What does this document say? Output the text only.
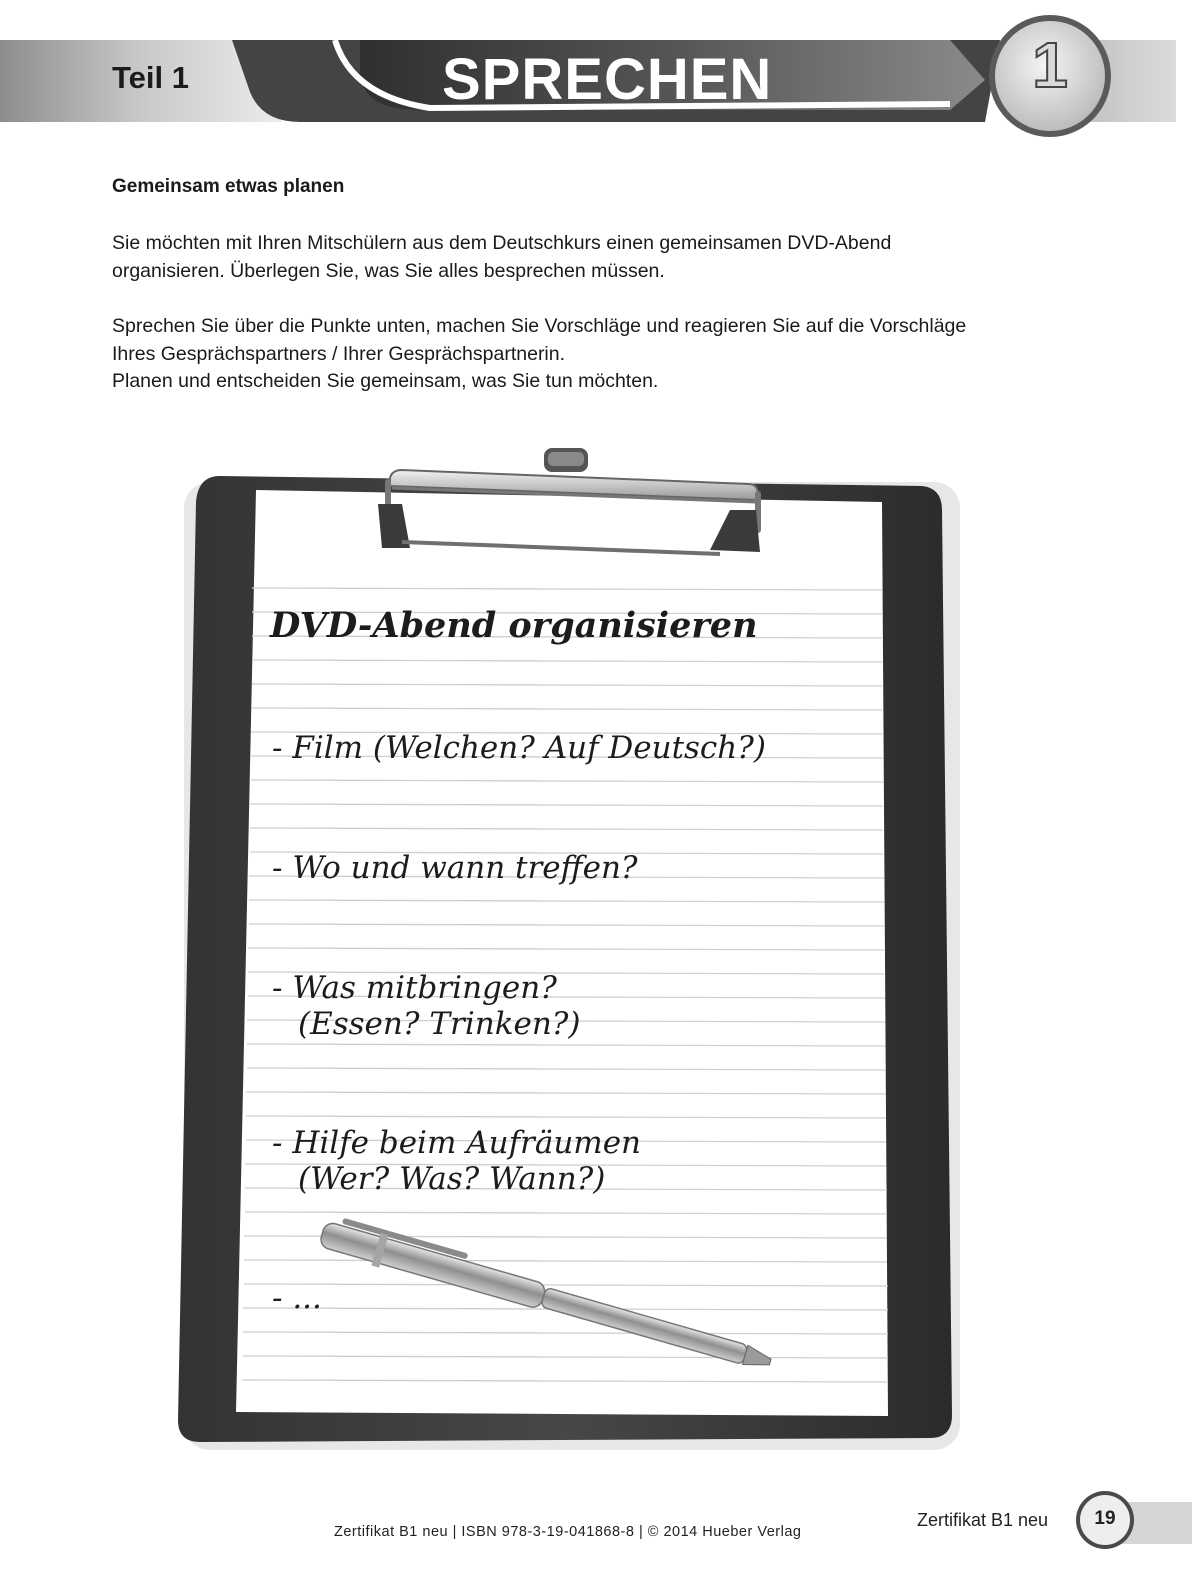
Teil 1	SPRECHEN	1
Gemeinsam etwas planen

Sie möchten mit Ihren Mitschülern aus dem Deutschkurs einen gemeinsamen DVD-Abend

organisieren. Überlegen Sie, was Sie alles besprechen müssen.

Sprechen Sie über die Punkte unten, machen Sie Vorschläge und reagieren Sie auf die Vorschläge

Ihres Gesprächspartners / Ihrer Gesprächspartnerin.

Planen und entscheiden Sie gemeinsam, was Sie tun möchten.

DVD-Abend organisieren
- Film (Welchen? Auf Deutsch?)
- Wo und wann treffen?
- Was mitbringen?
(Essen? Trinken?)
- Hilfe beim Aufräumen
(Wer? Was? Wann?)
- ...
Zertifikat B1 neu | ISBN 978-3-19-041868-8 | © 2014 Hueber Verlag
Zertifikat B1 neu	19
